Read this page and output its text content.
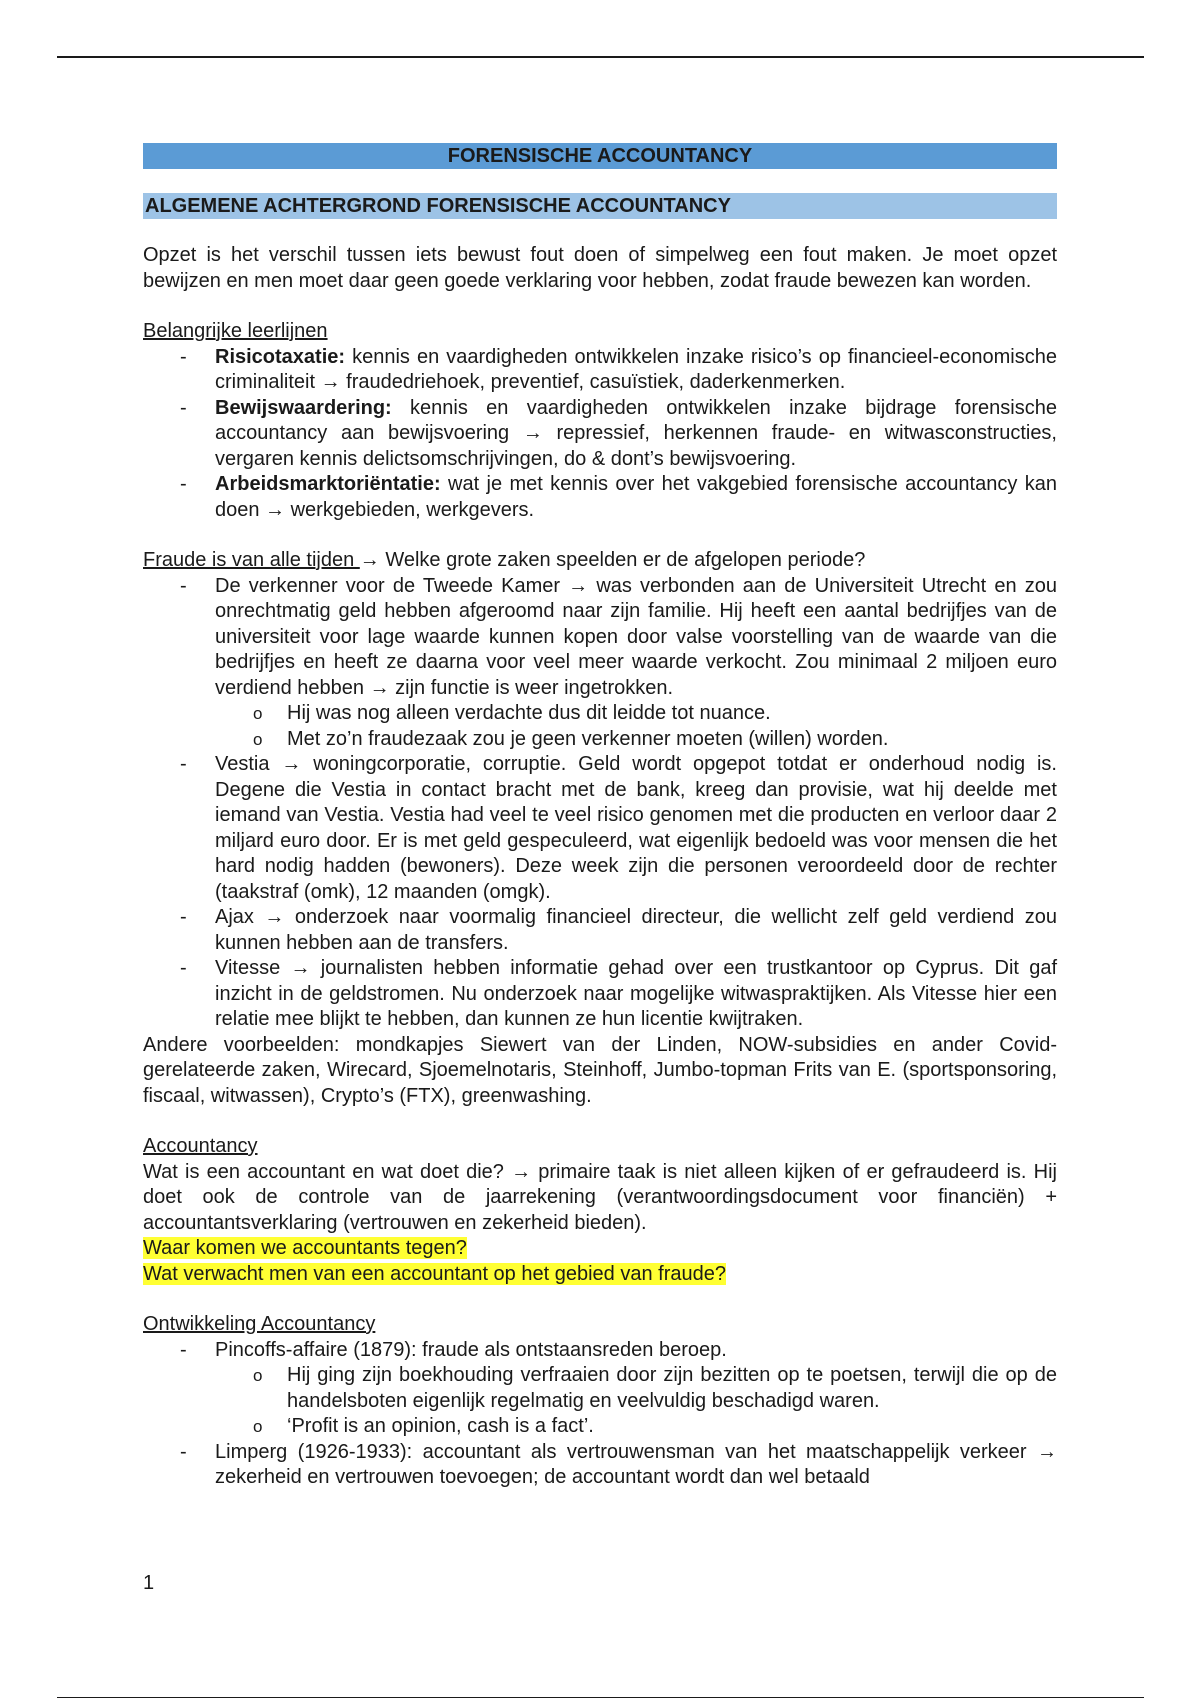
FORENSISCHE ACCOUNTANCY
ALGEMENE ACHTERGROND FORENSISCHE ACCOUNTANCY

Opzet is het verschil tussen iets bewust fout doen of simpelweg een fout maken. Je moet opzet bewijzen en men moet daar geen goede verklaring voor hebben, zodat fraude bewezen kan worden.

Belangrijke leerlijnen
- Risicotaxatie: kennis en vaardigheden ontwikkelen inzake risico’s op financieel-economische criminaliteit → fraudedriehoek, preventief, casuïstiek, daderkenmerken.
- Bewijswaardering: kennis en vaardigheden ontwikkelen inzake bijdrage forensische accountancy aan bewijsvoering → repressief, herkennen fraude- en witwasconstructies, vergaren kennis delictsomschrijvingen, do & dont’s bewijsvoering.
- Arbeidsmarktoriëntatie: wat je met kennis over het vakgebied forensische accountancy kan doen → werkgebieden, werkgevers.
Fraude is van alle tijden → Welke grote zaken speelden er de afgelopen periode?
- De verkenner voor de Tweede Kamer → was verbonden aan de Universiteit Utrecht en zou onrechtmatig geld hebben afgeroomd naar zijn familie. Hij heeft een aantal bedrijfjes van de universiteit voor lage waarde kunnen kopen door valse voorstelling van de waarde van die bedrijfjes en heeft ze daarna voor veel meer waarde verkocht. Zou minimaal 2 miljoen euro verdiend hebben → zijn functie is weer ingetrokken.
o Hij was nog alleen verdachte dus dit leidde tot nuance.
o Met zo’n fraudezaak zou je geen verkenner moeten (willen) worden.
- Vestia → woningcorporatie, corruptie. Geld wordt opgepot totdat er onderhoud nodig is. Degene die Vestia in contact bracht met de bank, kreeg dan provisie, wat hij deelde met iemand van Vestia. Vestia had veel te veel risico genomen met die producten en verloor daar 2 miljard euro door. Er is met geld gespeculeerd, wat eigenlijk bedoeld was voor mensen die het hard nodig hadden (bewoners). Deze week zijn die personen veroordeeld door de rechter (taakstraf (omk), 12 maanden (omgk).
- Ajax → onderzoek naar voormalig financieel directeur, die wellicht zelf geld verdiend zou kunnen hebben aan de transfers.
- Vitesse → journalisten hebben informatie gehad over een trustkantoor op Cyprus. Dit gaf inzicht in de geldstromen. Nu onderzoek naar mogelijke witwaspraktijken. Als Vitesse hier een relatie mee blijkt te hebben, dan kunnen ze hun licentie kwijtraken.

Andere voorbeelden: mondkapjes Siewert van der Linden, NOW-subsidies en ander Covid-gerelateerde zaken, Wirecard, Sjoemelnotaris, Steinhoff, Jumbo-topman Frits van E. (sportsponsoring, fiscaal, witwassen), Crypto’s (FTX), greenwashing.

Accountancy

Wat is een accountant en wat doet die? → primaire taak is niet alleen kijken of er gefraudeerd is. Hij doet ook de controle van de jaarrekening (verantwoordingsdocument voor financiën) + accountantsverklaring (vertrouwen en zekerheid bieden).

Waar komen we accountants tegen?
Wat verwacht men van een accountant op het gebied van fraude?
Ontwikkeling Accountancy
- Pincoffs-affaire (1879): fraude als ontstaansreden beroep.
o Hij ging zijn boekhouding verfraaien door zijn bezitten op te poetsen, terwijl die op de handelsboten eigenlijk regelmatig en veelvuldig beschadigd waren.
o ‘Profit is an opinion, cash is a fact’.
- Limperg (1926-1933): accountant als vertrouwensman van het maatschappelijk verkeer → zekerheid en vertrouwen toevoegen; de accountant wordt dan wel betaald
1
